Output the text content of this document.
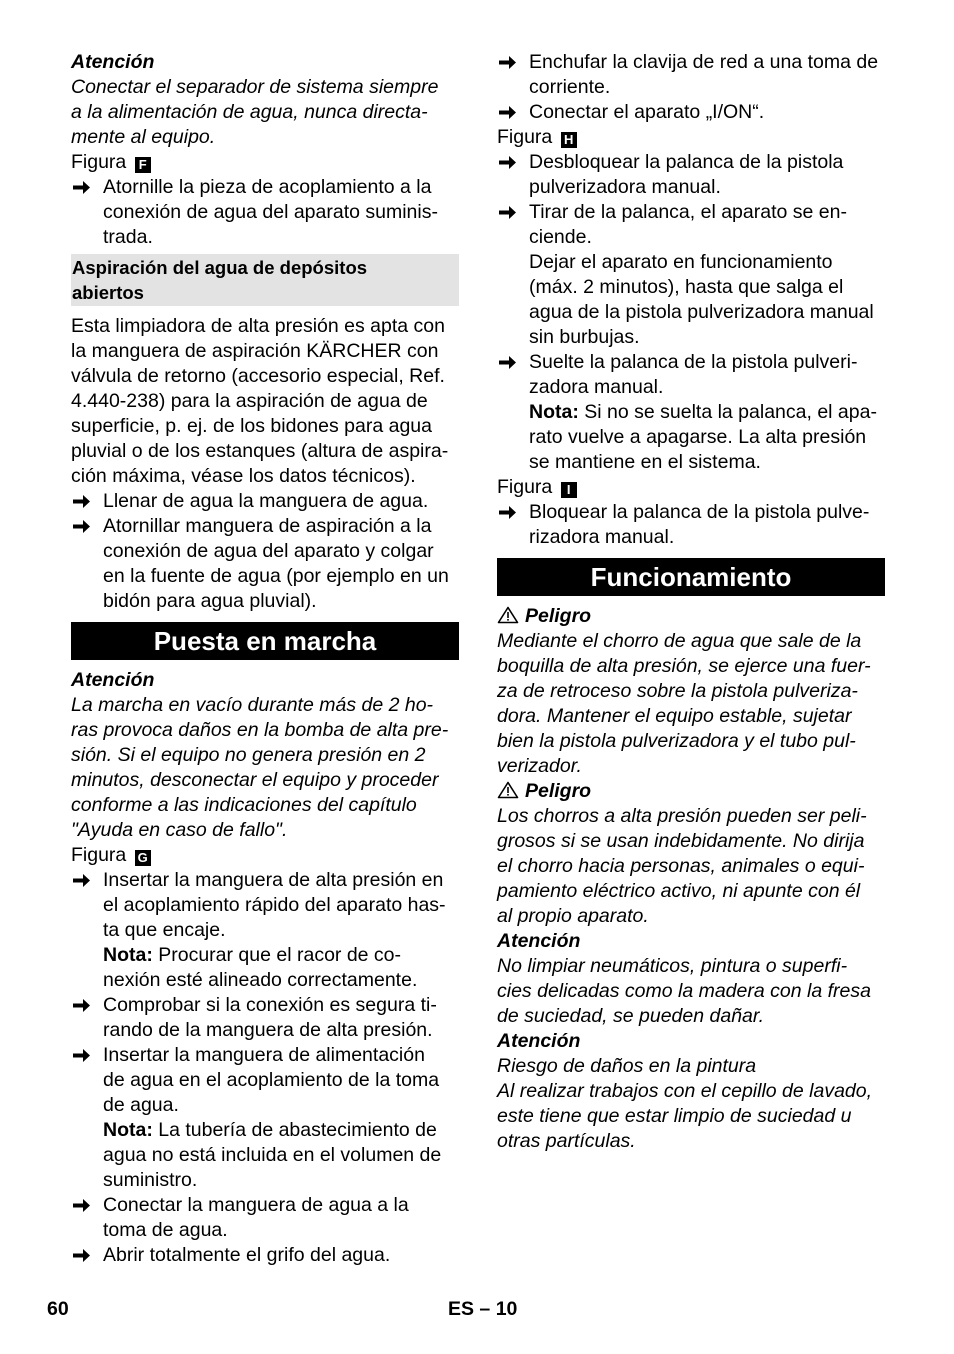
Atención
Conectar el separador de sistema siempre
a la alimentación de agua, nunca directa-
mente al equipo.
Figura F
Atornille la pieza de acoplamiento a la
conexión de agua del aparato suminis-
trada.
Aspiración del agua de depósitos
abiertos
Esta limpiadora de alta presión es apta con
la manguera de aspiración KÄRCHER con
válvula de retorno (accesorio especial, Ref.
4.440-238) para la aspiración de agua de
superficie, p. ej. de los bidones para agua
pluvial o de los estanques (altura de aspira-
ción máxima, véase los datos técnicos).
Llenar de agua la manguera de agua.
Atornillar manguera de aspiración a la
conexión de agua del aparato y colgar
en la fuente de agua (por ejemplo en un
bidón para agua pluvial).
Puesta en marcha
Atención
La marcha en vacío durante más de 2 ho-
ras provoca daños en la bomba de alta pre-
sión. Si el equipo no genera presión en 2
minutos, desconectar el equipo y proceder
conforme a las indicaciones del capítulo
"Ayuda en caso de fallo".
Figura G
Insertar la manguera de alta presión en
el acoplamiento rápido del aparato has-
ta que encaje.
Nota: Procurar que el racor de co-
nexión esté alineado correctamente.
Comprobar si la conexión es segura ti-
rando de la manguera de alta presión.
Insertar la manguera de alimentación
de agua en el acoplamiento de la toma
de agua.
Nota: La tubería de abastecimiento de
agua no está incluida en el volumen de
suministro.
Conectar la manguera de agua a la
toma de agua.
Abrir totalmente el grifo del agua.
Enchufar la clavija de red a una toma de
corriente.
Conectar el aparato „I/ON“.
Figura H
Desbloquear la palanca de la pistola
pulverizadora manual.
Tirar de la palanca, el aparato se en-
ciende.
Dejar el aparato en funcionamiento
(máx. 2 minutos), hasta que salga el
agua de la pistola pulverizadora manual
sin burbujas.
Suelte la palanca de la pistola pulveri-
zadora manual.
Nota: Si no se suelta la palanca, el apa-
rato vuelve a apagarse. La alta presión
se mantiene en el sistema.
Figura I
Bloquear la palanca de la pistola pulve-
rizadora manual.
Funcionamiento
Peligro
Mediante el chorro de agua que sale de la
boquilla de alta presión, se ejerce una fuer-
za de retroceso sobre la pistola pulveriza-
dora. Mantener el equipo estable, sujetar
bien la pistola pulverizadora y el tubo pul-
verizador.
Peligro
Los chorros a alta presión pueden ser peli-
grosos si se usan indebidamente. No dirija
el chorro hacia personas, animales o equi-
pamiento eléctrico activo, ni apunte con él
al propio aparato.
Atención
No limpiar neumáticos, pintura o superfi-
cies delicadas como la madera con la fresa
de suciedad, se pueden dañar.
Atención
Riesgo de daños en la pintura
Al realizar trabajos con el cepillo de lavado,
este tiene que estar limpio de suciedad u
otras partículas.
60	ES – 10
